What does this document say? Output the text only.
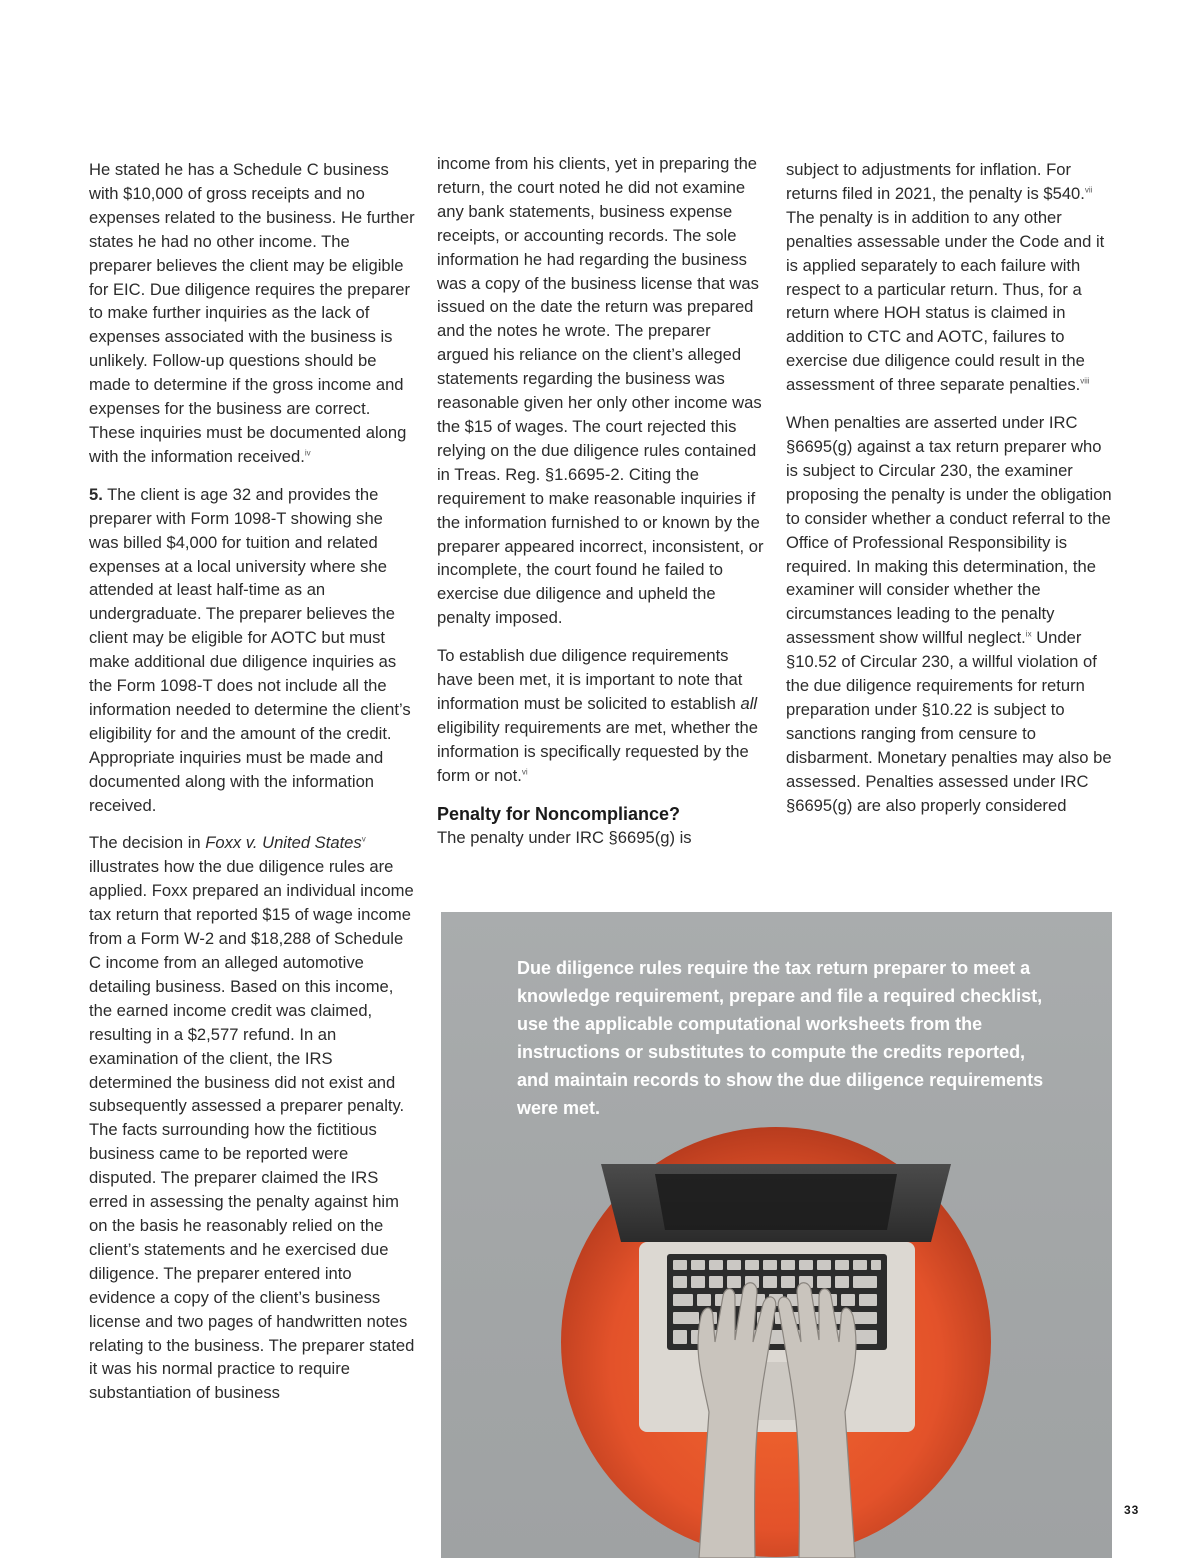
He stated he has a Schedule C business with $10,000 of gross receipts and no expenses related to the business. He further states he had no other income. The preparer believes the client may be eligible for EIC. Due diligence requires the preparer to make further inquiries as the lack of expenses associated with the business is unlikely. Follow-up questions should be made to determine if the gross income and expenses for the business are correct. These inquiries must be documented along with the information received.$^{iv}$

5. The client is age 32 and provides the preparer with Form 1098-T showing she was billed $4,000 for tuition and related expenses at a local university where she attended at least half-time as an undergraduate. The preparer believes the client may be eligible for AOTC but must make additional due diligence inquiries as the Form 1098-T does not include all the information needed to determine the client’s eligibility for and the amount of the credit. Appropriate inquiries must be made and documented along with the information received.

The decision in Foxx v. United States$^v$ illustrates how the due diligence rules are applied. Foxx prepared an individual income tax return that reported $15 of wage income from a Form W-2 and $18,288 of Schedule C income from an alleged automotive detailing business. Based on this income, the earned income credit was claimed, resulting in a $2,577 refund. In an examination of the client, the IRS determined the business did not exist and subsequently assessed a preparer penalty. The facts surrounding how the fictitious business came to be reported were disputed. The preparer claimed the IRS erred in assessing the penalty against him on the basis he reasonably relied on the client’s statements and he exercised due diligence. The preparer entered into evidence a copy of the client’s business license and two pages of handwritten notes relating to the business. The preparer stated it was his normal practice to require substantiation of business

income from his clients, yet in preparing the return, the court noted he did not examine any bank statements, business expense receipts, or accounting records. The sole information he had regarding the business was a copy of the business license that was issued on the date the return was prepared and the notes he wrote. The preparer argued his reliance on the client’s alleged statements regarding the business was reasonable given her only other income was the $15 of wages. The court rejected this relying on the due diligence rules contained in Treas. Reg. §1.6695-2. Citing the requirement to make reasonable inquiries if the information furnished to or known by the preparer appeared incorrect, inconsistent, or incomplete, the court found he failed to exercise due diligence and upheld the penalty imposed.

To establish due diligence requirements have been met, it is important to note that information must be solicited to establish all eligibility requirements are met, whether the information is specifically requested by the form or not.$^{vi}$

Penalty for Noncompliance?

The penalty under IRC §6695(g) is

subject to adjustments for inflation. For returns filed in 2021, the penalty is $540.$^{vii}$ The penalty is in addition to any other penalties assessable under the Code and it is applied separately to each failure with respect to a particular return. Thus, for a return where HOH status is claimed in addition to CTC and AOTC, failures to exercise due diligence could result in the assessment of three separate penalties.$^{viii}$

When penalties are asserted under IRC §6695(g) against a tax return preparer who is subject to Circular 230, the examiner proposing the penalty is under the obligation to consider whether a conduct referral to the Office of Professional Responsibility is required. In making this determination, the examiner will consider whether the circumstances leading to the penalty assessment show willful neglect.$^{ix}$ Under §10.52 of Circular 230, a willful violation of the due diligence requirements for return preparation under §10.22 is subject to sanctions ranging from censure to disbarment. Monetary penalties may also be assessed. Penalties assessed under IRC §6695(g) are also properly considered

Due diligence rules require the tax return preparer to meet a knowledge requirement, prepare and file a required checklist, use the applicable computational worksheets from the instructions or substitutes to compute the credits reported, and maintain records to show the due diligence requirements were met.
33
